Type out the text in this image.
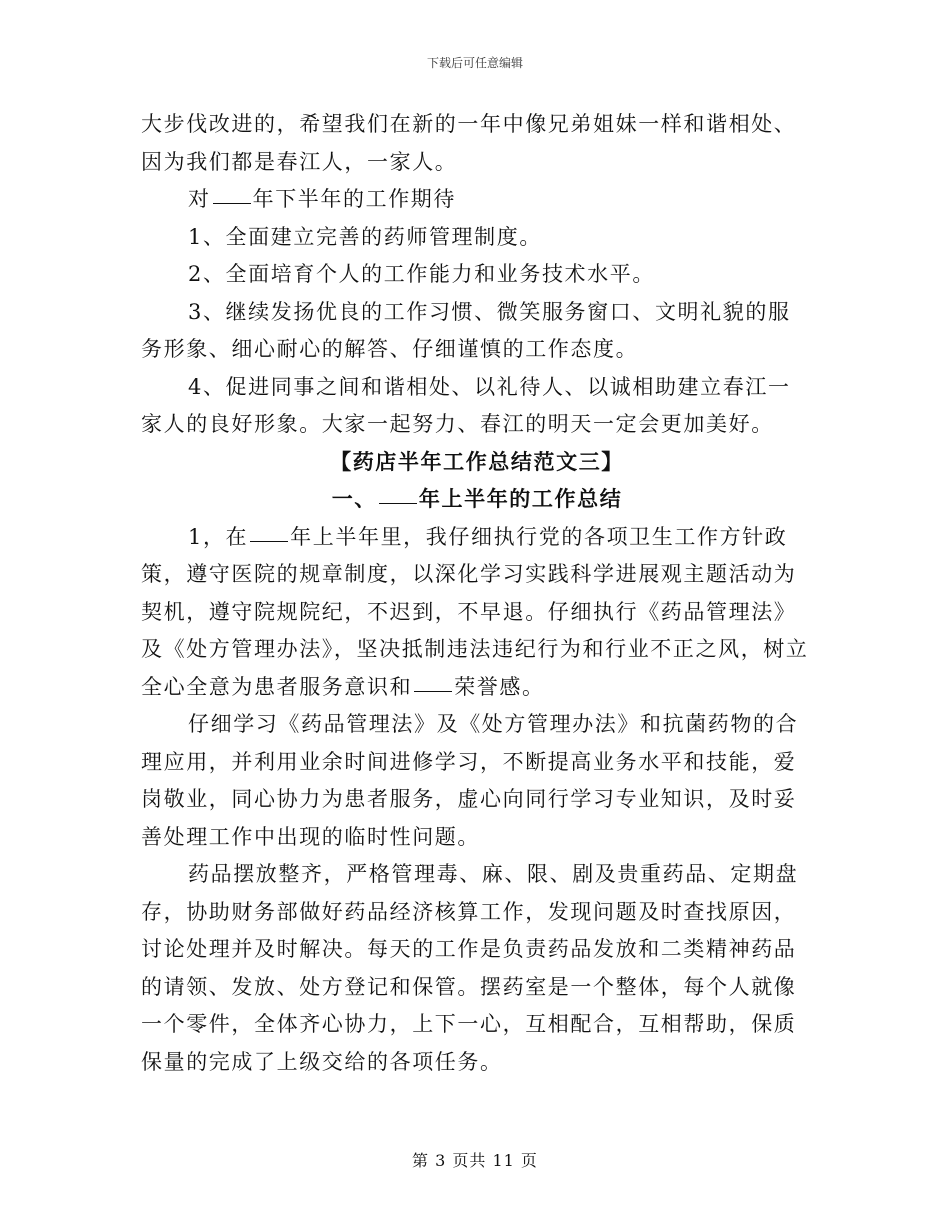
下载后可任意编辑

大步伐改进的，希望我们在新的一年中像兄弟姐妹一样和谐相处、因为我们都是春江人，一家人。

对 年下半年的工作期待

1、全面建立完善的药师管理制度。

2、全面培育个人的工作能力和业务技术水平。

3、继续发扬优良的工作习惯、微笑服务窗口、文明礼貌的服务形象、细心耐心的解答、仔细谨慎的工作态度。

4、促进同事之间和谐相处、以礼待人、以诚相助建立春江一家人的良好形象。大家一起努力、春江的明天一定会更加美好。

【药店半年工作总结范文三】

一、 年上半年的工作总结

1，在 年上半年里，我仔细执行党的各项卫生工作方针政策，遵守医院的规章制度，以深化学习实践科学进展观主题活动为契机，遵守院规院纪，不迟到，不早退。仔细执行《药品管理法》及《处方管理办法》，坚决抵制违法违纪行为和行业不正之风，树立全心全意为患者服务意识和 荣誉感。

仔细学习《药品管理法》及《处方管理办法》和抗菌药物的合理应用，并利用业余时间进修学习，不断提高业务水平和技能，爱岗敬业，同心协力为患者服务，虚心向同行学习专业知识，及时妥善处理工作中出现的临时性问题。

药品摆放整齐，严格管理毒、麻、限、剧及贵重药品、定期盘存，协助财务部做好药品经济核算工作，发现问题及时查找原因，讨论处理并及时解决。每天的工作是负责药品发放和二类精神药品的请领、发放、处方登记和保管。摆药室是一个整体，每个人就像一个零件，全体齐心协力，上下一心，互相配合，互相帮助，保质保量的完成了上级交给的各项任务。

第 3 页共 11 页
